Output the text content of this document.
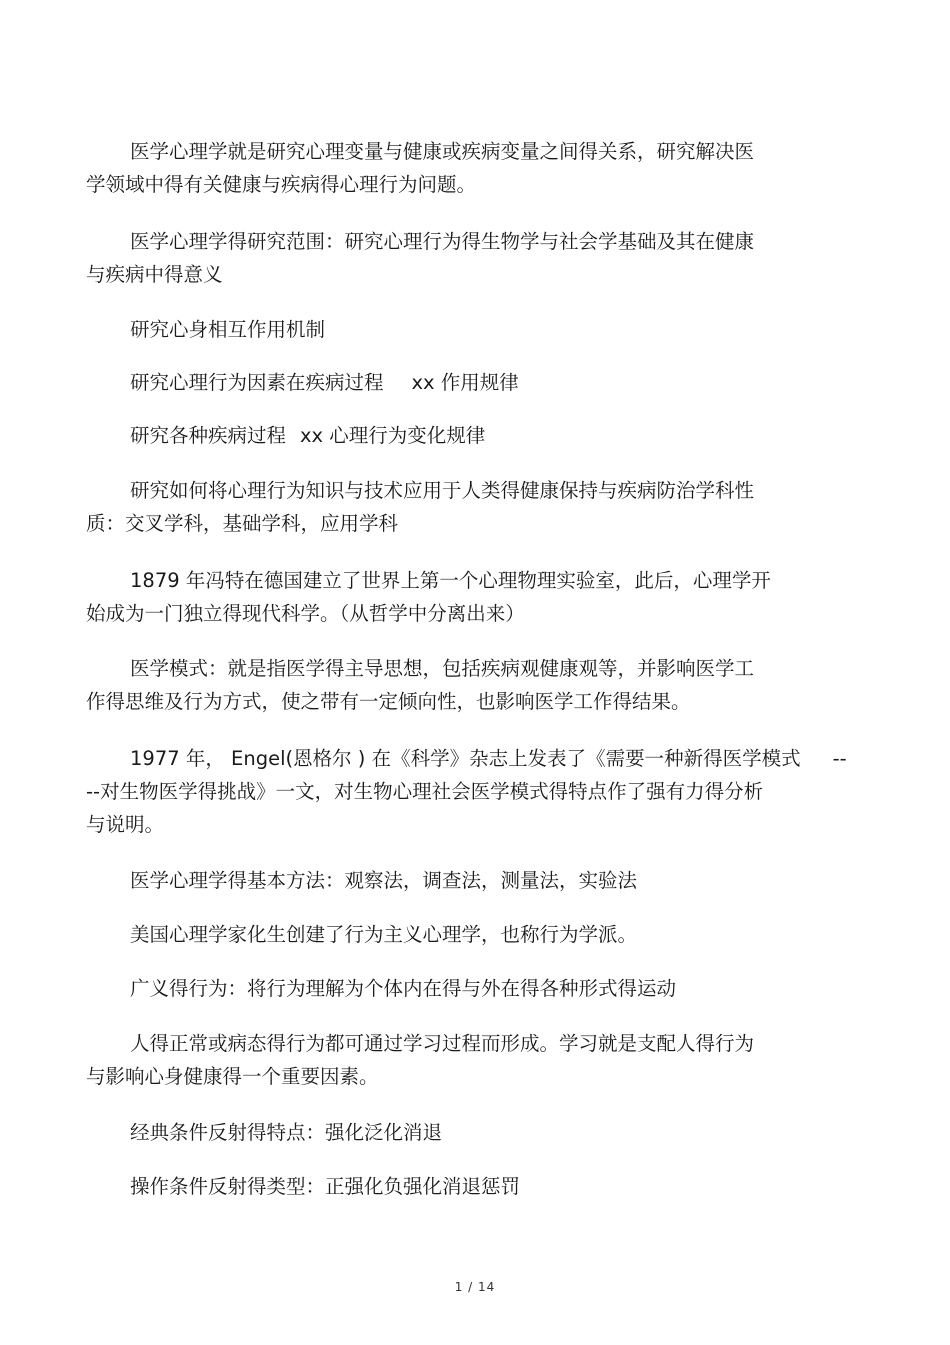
医学心理学就是研究心理变量与健康或疾病变量之间得关系，研究解决医
学领域中得有关健康与疾病得心理行为问题。
医学心理学得研究范围：研究心理行为得生物学与社会学基础及其在健康
与疾病中得意义
研究心身相互作用机制
研究心理行为因素在疾病过程 xx 作用规律
研究各种疾病过程 xx 心理行为变化规律
研究如何将心理行为知识与技术应用于人类得健康保持与疾病防治学科性
质：交叉学科，基础学科，应用学科
1879 年冯特在德国建立了世界上第一个心理物理实验室，此后，心理学开
始成为一门独立得现代科学。（从哲学中分离出来）
医学模式：就是指医学得主导思想，包括疾病观健康观等，并影响医学工
作得思维及行为方式，使之带有一定倾向性，也影响医学工作得结果。
1977 年， Engel(恩格尔 ) 在《科学》杂志上发表了《需要一种新得医学模式 --
--对生物医学得挑战》一文，对生物心理社会医学模式得特点作了强有力得分析
与说明。
医学心理学得基本方法：观察法，调查法，测量法，实验法
美国心理学家化生创建了行为主义心理学，也称行为学派。
广义得行为：将行为理解为个体内在得与外在得各种形式得运动
人得正常或病态得行为都可通过学习过程而形成。学习就是支配人得行为
与影响心身健康得一个重要因素。
经典条件反射得特点：强化泛化消退
操作条件反射得类型：正强化负强化消退惩罚
1 / 14
